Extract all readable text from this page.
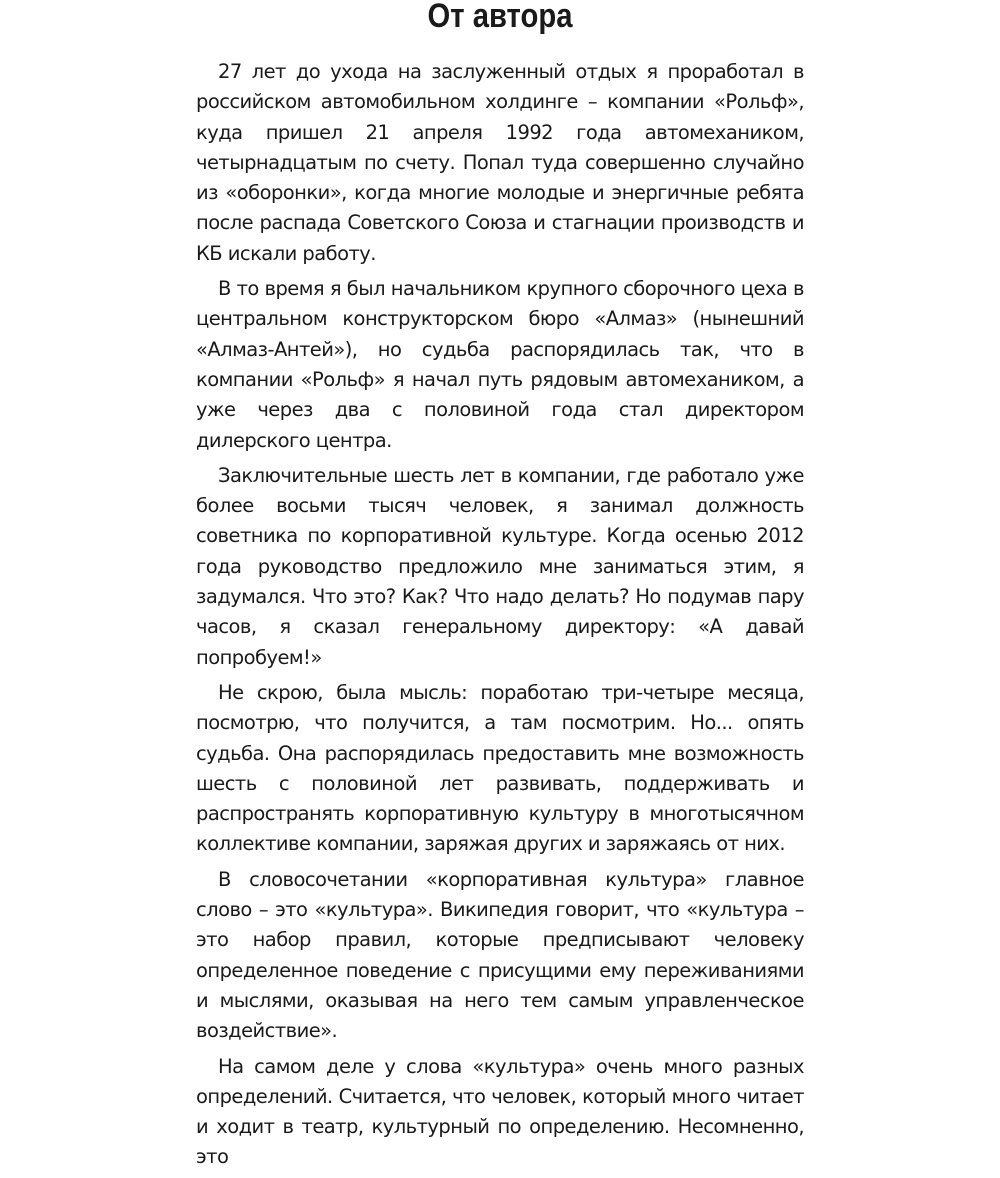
От автора

27 лет до ухода на заслуженный отдых я проработал в российском автомобильном холдинге – компании «Рольф», куда пришел 21 апреля 1992 года автомехаником, четырнадцатым по счету. Попал туда совершенно случайно из «оборонки», когда многие молодые и энергичные ребята после распада Советского Союза и стагнации производств и КБ искали работу.

В то время я был начальником крупного сборочного цеха в центральном конструкторском бюро «Алмаз» (нынешний «Алмаз-Антей»), но судьба распорядилась так, что в компании «Рольф» я начал путь рядовым автомехаником, а уже через два с половиной года стал директором дилерского центра.

Заключительные шесть лет в компании, где работало уже более восьми тысяч человек, я занимал должность советника по корпоративной культуре. Когда осенью 2012 года руководство предложило мне заниматься этим, я задумался. Что это? Как? Что надо делать? Но подумав пару часов, я сказал генеральному директору: «А давай попробуем!»

Не скрою, была мысль: поработаю три-четыре месяца, посмотрю, что получится, а там посмотрим. Но... опять судьба. Она распорядилась предоставить мне возможность шесть с половиной лет развивать, поддерживать и распространять корпоративную культуру в многотысячном коллективе компании, заряжая других и заряжаясь от них.

В словосочетании «корпоративная культура» главное слово – это «культура». Википедия говорит, что «культура – это набор правил, которые предписывают человеку определенное поведение с присущими ему переживаниями и мыслями, оказывая на него тем самым управленческое воздействие».

На самом деле у слова «культура» очень много разных определений. Считается, что человек, который много читает и ходит в театр, культурный по определению. Несомненно, это
